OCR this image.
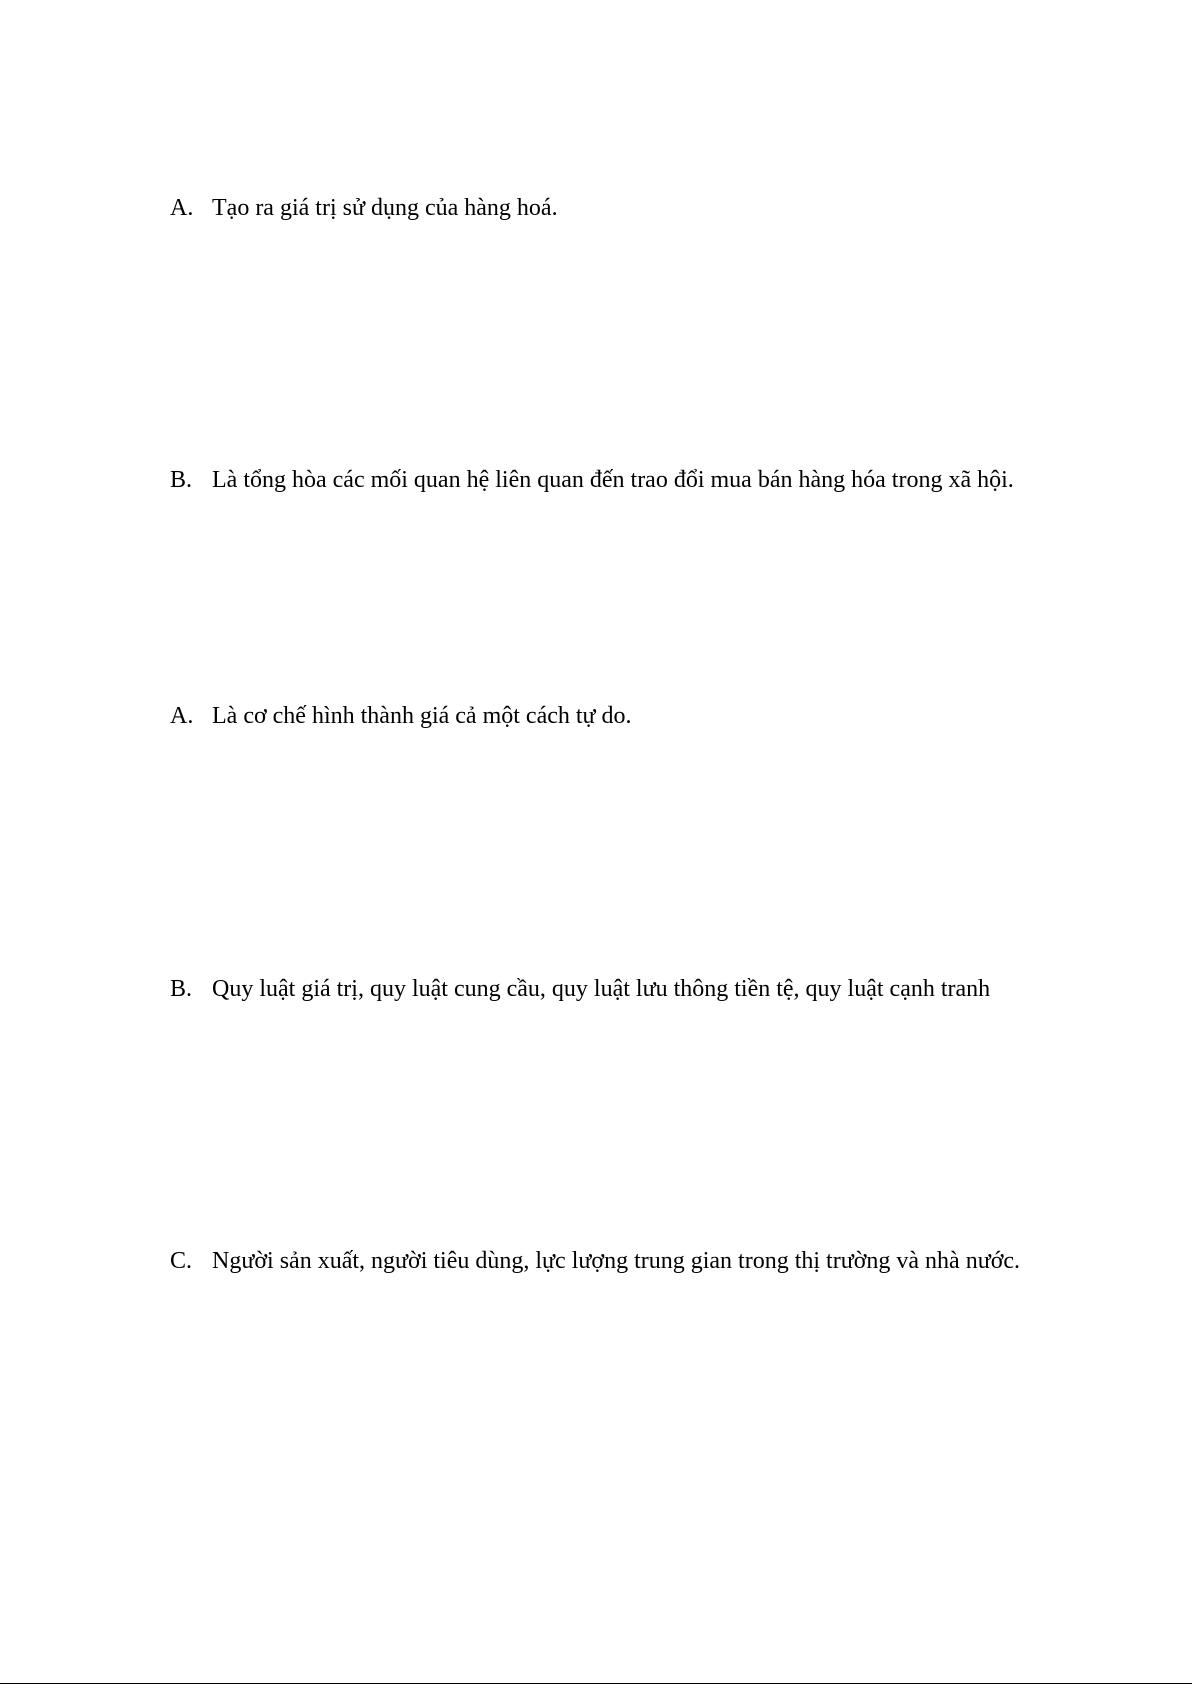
A. Tạo ra giá trị sử dụng của hàng hoá.

B. Là tổng hòa các mối quan hệ liên quan đến trao đổi mua bán hàng hóa trong xã hội.

A. Là cơ chế hình thành giá cả một cách tự do.

B. Quy luật giá trị, quy luật cung cầu, quy luật lưu thông tiền tệ, quy luật cạnh tranh

C. Người sản xuất, người tiêu dùng, lực lượng trung gian trong thị trường và nhà nước.
